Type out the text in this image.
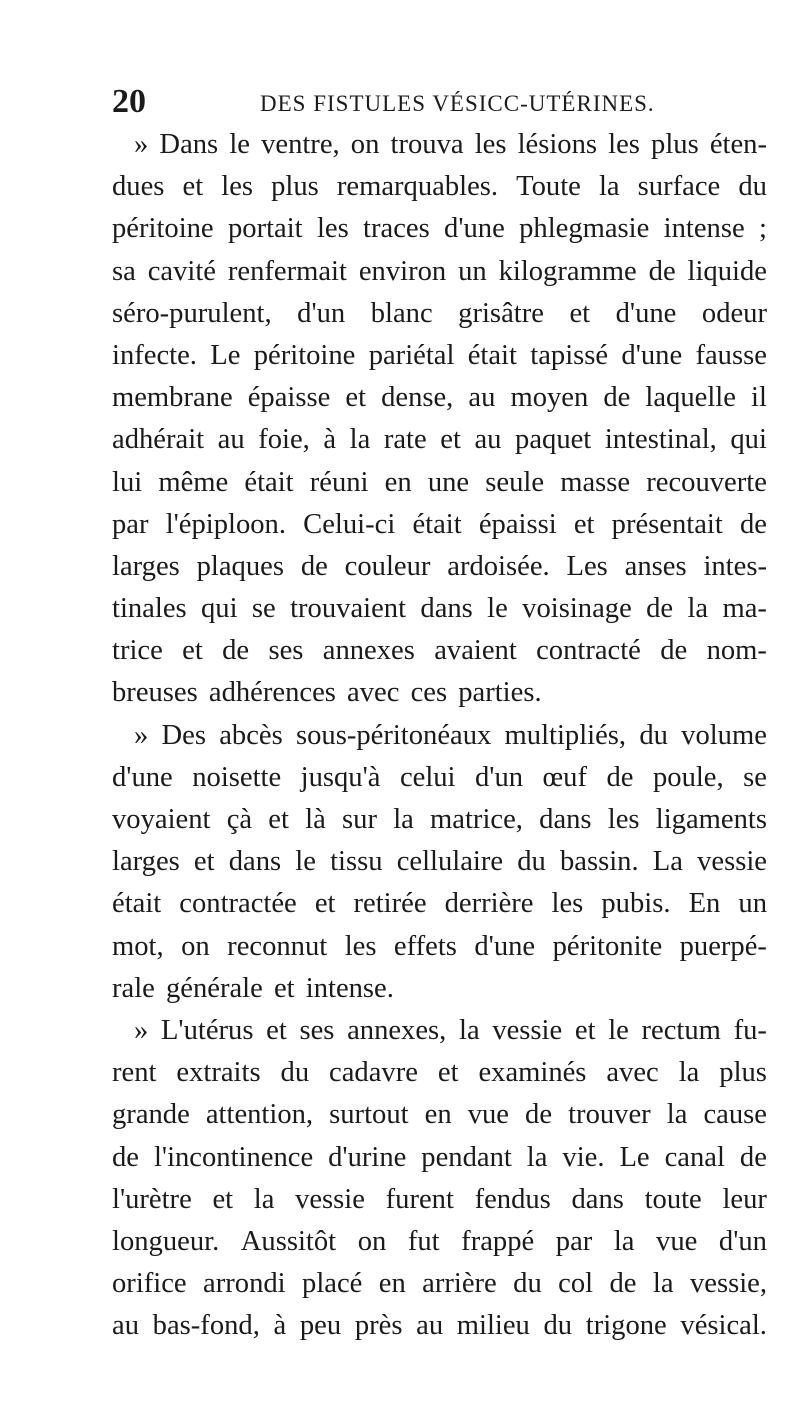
20	DES FISTULES VÉSICC-UTÉRINES.
» Dans le ventre, on trouva les lésions les plus éten-
dues et les plus remarquables. Toute la surface du
péritoine portait les traces d'une phlegmasie intense ;
sa cavité renfermait environ un kilogramme de liquide
séro-purulent, d'un blanc grisâtre et d'une odeur
infecte. Le péritoine pariétal était tapissé d'une fausse
membrane épaisse et dense, au moyen de laquelle il
adhérait au foie, à la rate et au paquet intestinal, qui
lui même était réuni en une seule masse recouverte
par l'épiploon. Celui-ci était épaissi et présentait de
larges plaques de couleur ardoisée. Les anses intes-
tinales qui se trouvaient dans le voisinage de la ma-
trice et de ses annexes avaient contracté de nom-
breuses adhérences avec ces parties.
» Des abcès sous-péritonéaux multipliés, du volume
d'une noisette jusqu'à celui d'un œuf de poule, se
voyaient çà et là sur la matrice, dans les ligaments
larges et dans le tissu cellulaire du bassin. La vessie
était contractée et retirée derrière les pubis. En un
mot, on reconnut les effets d'une péritonite puerpé-
rale générale et intense.
» L'utérus et ses annexes, la vessie et le rectum fu-
rent extraits du cadavre et examinés avec la plus
grande attention, surtout en vue de trouver la cause
de l'incontinence d'urine pendant la vie. Le canal de
l'urètre et la vessie furent fendus dans toute leur
longueur. Aussitôt on fut frappé par la vue d'un
orifice arrondi placé en arrière du col de la vessie,
au bas-fond, à peu près au milieu du trigone vésical.
